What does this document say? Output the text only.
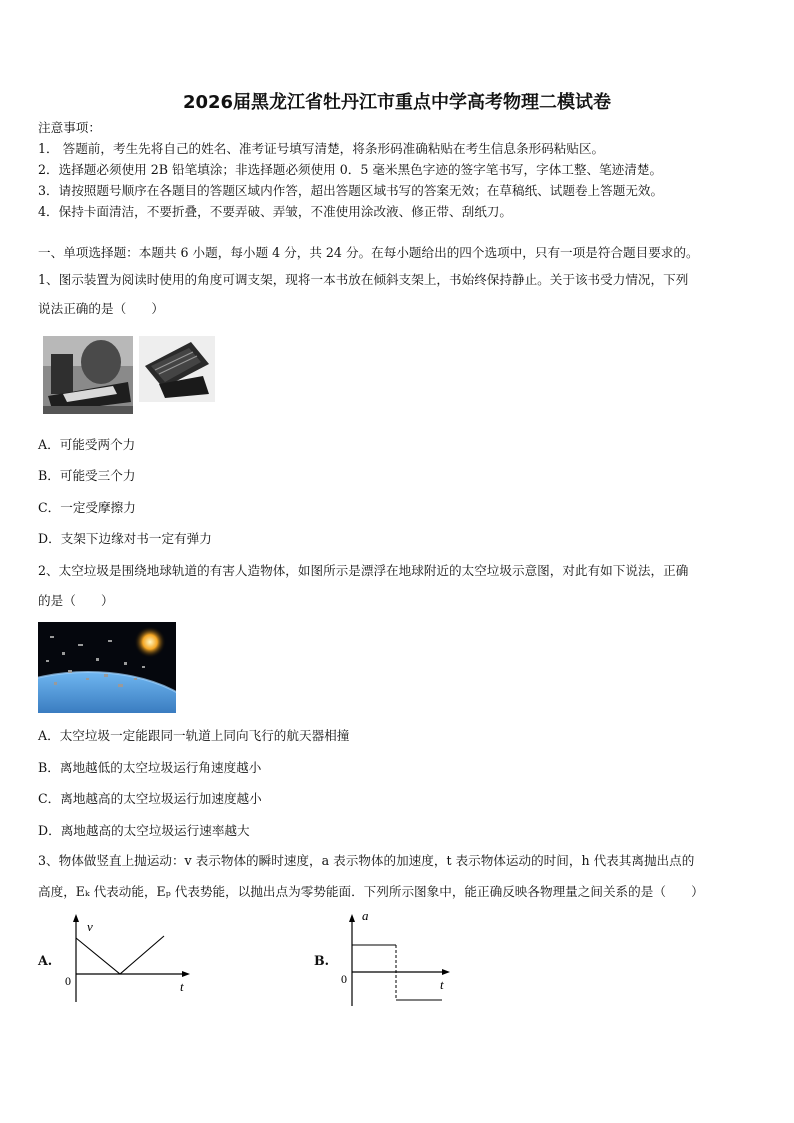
2026届黑龙江省牡丹江市重点中学高考物理二模试卷
注意事项：
1． 答题前，考生先将自己的姓名、准考证号填写清楚，将条形码准确粘贴在考生信息条形码粘贴区。
2．选择题必须使用 2B 铅笔填涂；非选择题必须使用 0．5 毫米黑色字迹的签字笔书写，字体工整、笔迹清楚。
3．请按照题号顺序在各题目的答题区域内作答，超出答题区域书写的答案无效；在草稿纸、试题卷上答题无效。
4．保持卡面清洁，不要折叠，不要弄破、弄皱，不准使用涂改液、修正带、刮纸刀。
一、单项选择题：本题共 6 小题，每小题 4 分，共 24 分。在每小题给出的四个选项中，只有一项是符合题目要求的。
1、图示装置为阅读时使用的角度可调支架，现将一本书放在倾斜支架上，书始终保持静止。关于该书受力情况，下列
说法正确的是（　　）
A．可能受两个力
B．可能受三个力
C．一定受摩擦力
D．支架下边缘对书一定有弹力
2、太空垃圾是围绕地球轨道的有害人造物体，如图所示是漂浮在地球附近的太空垃圾示意图，对此有如下说法，正确
的是（　　）
A．太空垃圾一定能跟同一轨道上同向飞行的航天器相撞
B．离地越低的太空垃圾运行角速度越小
C．离地越高的太空垃圾运行加速度越小
D．离地越高的太空垃圾运行速率越大
3、物体做竖直上抛运动：v 表示物体的瞬时速度，a 表示物体的加速度，t 表示物体运动的时间，h 代表其离抛出点的
高度，Eₖ 代表动能，Eₚ 代表势能，以抛出点为零势能面．下列所示图象中，能正确反映各物理量之间关系的是（　　）
A.
v
t
0
B.
a
t
0
